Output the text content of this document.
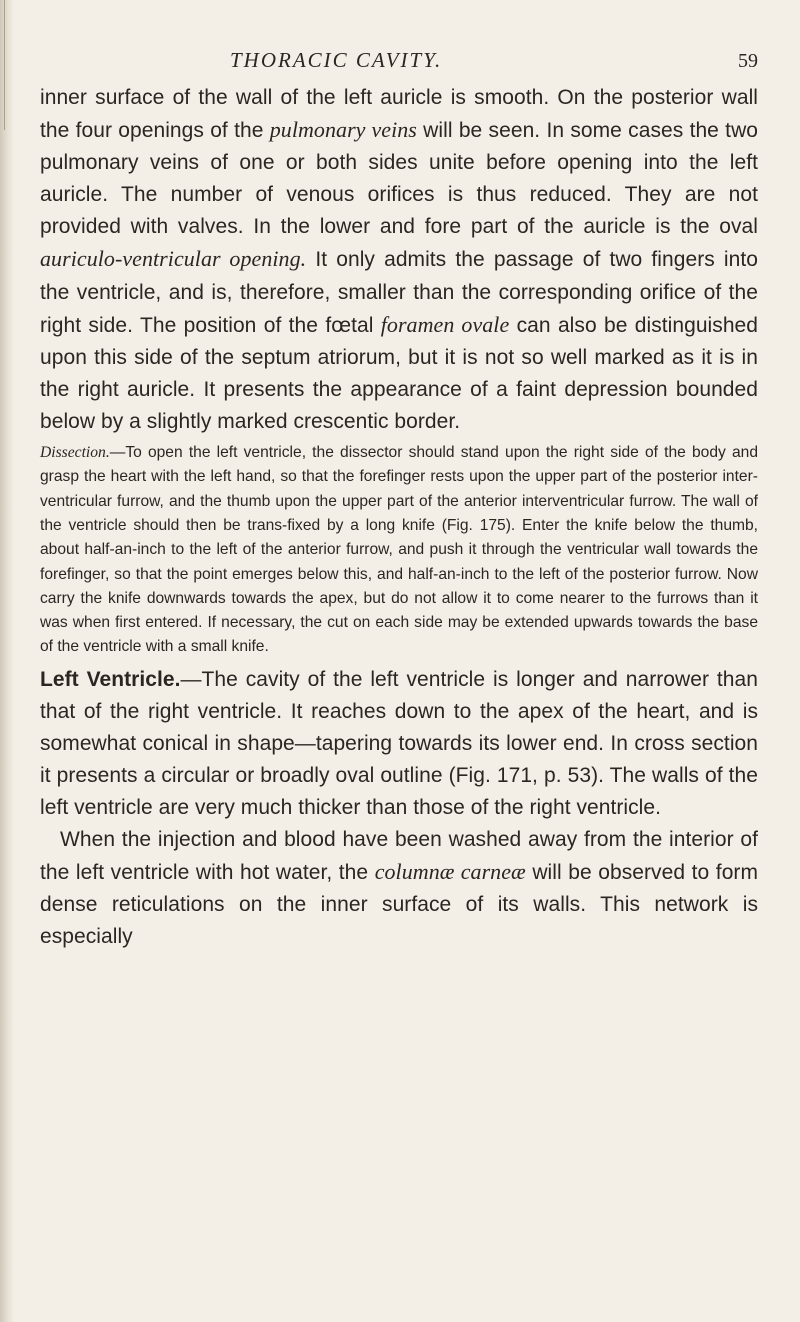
THORACIC CAVITY.	59

inner surface of the wall of the left auricle is smooth. On the posterior wall the four openings of the pulmonary veins will be seen. In some cases the two pulmonary veins of one or both sides unite before opening into the left auricle. The number of venous orifices is thus reduced. They are not provided with valves. In the lower and fore part of the auricle is the oval auriculo-ventricular opening. It only admits the passage of two fingers into the ventricle, and is, therefore, smaller than the corresponding orifice of the right side. The position of the fœtal foramen ovale can also be distinguished upon this side of the septum atriorum, but it is not so well marked as it is in the right auricle. It presents the appearance of a faint depression bounded below by a slightly marked crescentic border.

Dissection.—To open the left ventricle, the dissector should stand upon the right side of the body and grasp the heart with the left hand, so that the forefinger rests upon the upper part of the posterior inter-ventricular furrow, and the thumb upon the upper part of the anterior interventricular furrow. The wall of the ventricle should then be trans-fixed by a long knife (Fig. 175). Enter the knife below the thumb, about half-an-inch to the left of the anterior furrow, and push it through the ventricular wall towards the forefinger, so that the point emerges below this, and half-an-inch to the left of the posterior furrow. Now carry the knife downwards towards the apex, but do not allow it to come nearer to the furrows than it was when first entered. If necessary, the cut on each side may be extended upwards towards the base of the ventricle with a small knife.

Left Ventricle.—The cavity of the left ventricle is longer and narrower than that of the right ventricle. It reaches down to the apex of the heart, and is somewhat conical in shape—tapering towards its lower end. In cross section it presents a circular or broadly oval outline (Fig. 171, p. 53). The walls of the left ventricle are very much thicker than those of the right ventricle.

When the injection and blood have been washed away from the interior of the left ventricle with hot water, the columnæ carneæ will be observed to form dense reticulations on the inner surface of its walls. This network is especially
